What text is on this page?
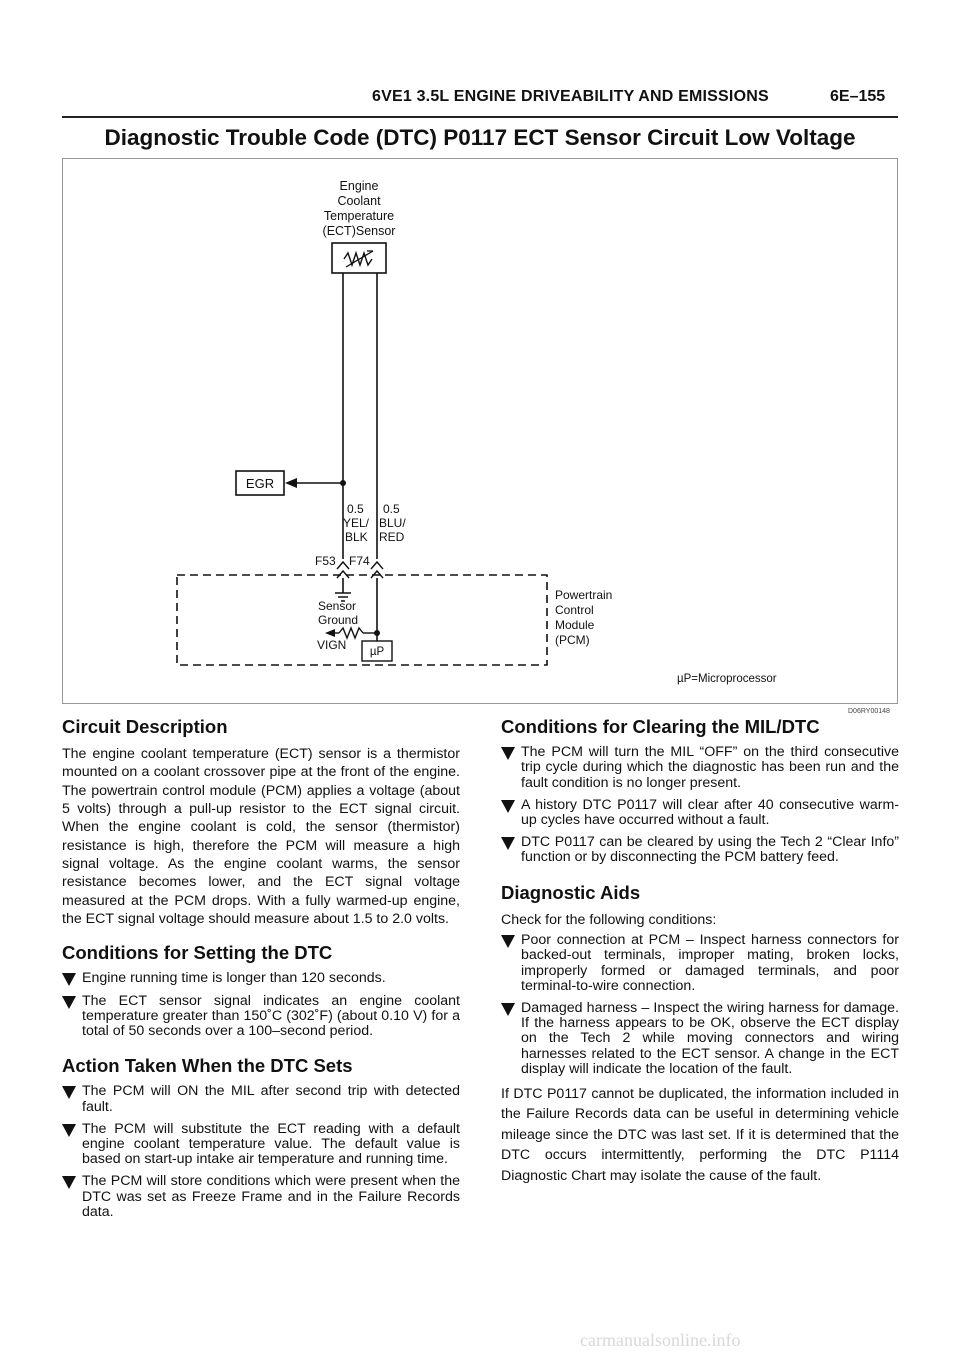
6VE1 3.5L ENGINE DRIVEABILITY AND EMISSIONS	6E–155
Diagnostic Trouble Code (DTC) P0117 ECT Sensor Circuit Low Voltage
Engine
Coolant
Temperature
(ECT)Sensor
EGR
0.5
YEL/
BLK
0.5
BLU/
RED
F53 F74
Sensor
Ground
VIGN µP
Powertrain
Control
Module
(PCM)
µP=Microprocessor
D06RY00148
Circuit Description

The engine coolant temperature (ECT) sensor is a thermistor mounted on a coolant crossover pipe at the front of the engine. The powertrain control module (PCM) applies a voltage (about 5 volts) through a pull-up resistor to the ECT signal circuit. When the engine coolant is cold, the sensor (thermistor) resistance is high, therefore the PCM will measure a high signal voltage. As the engine coolant warms, the sensor resistance becomes lower, and the ECT signal voltage measured at the PCM drops. With a fully warmed-up engine, the ECT signal voltage should measure about 1.5 to 2.0 volts.

Conditions for Setting the DTC
Engine running time is longer than 120 seconds.
The ECT sensor signal indicates an engine coolant temperature greater than 150˚C (302˚F) (about 0.10 V) for a total of 50 seconds over a 100–second period.
Action Taken When the DTC Sets
The PCM will ON the MIL after second trip with detected fault.
The PCM will substitute the ECT reading with a default engine coolant temperature value. The default value is based on start-up intake air temperature and running time.
The PCM will store conditions which were present when the DTC was set as Freeze Frame and in the Failure Records data.
Conditions for Clearing the MIL/DTC
The PCM will turn the MIL “OFF” on the third consecutive trip cycle during which the diagnostic has been run and the fault condition is no longer present.
A history DTC P0117 will clear after 40 consecutive warm-up cycles have occurred without a fault.
DTC P0117 can be cleared by using the Tech 2 “Clear Info” function or by disconnecting the PCM battery feed.
Diagnostic Aids

Check for the following conditions:

Poor connection at PCM – Inspect harness connectors for backed-out terminals, improper mating, broken locks, improperly formed or damaged terminals, and poor terminal-to-wire connection.
Damaged harness – Inspect the wiring harness for damage. If the harness appears to be OK, observe the ECT display on the Tech 2 while moving connectors and wiring harnesses related to the ECT sensor. A change in the ECT display will indicate the location of the fault.

If DTC P0117 cannot be duplicated, the information included in the Failure Records data can be useful in determining vehicle mileage since the DTC was last set. If it is determined that the DTC occurs intermittently, performing the DTC P1114 Diagnostic Chart may isolate the cause of the fault.

carmanualsonline.info
